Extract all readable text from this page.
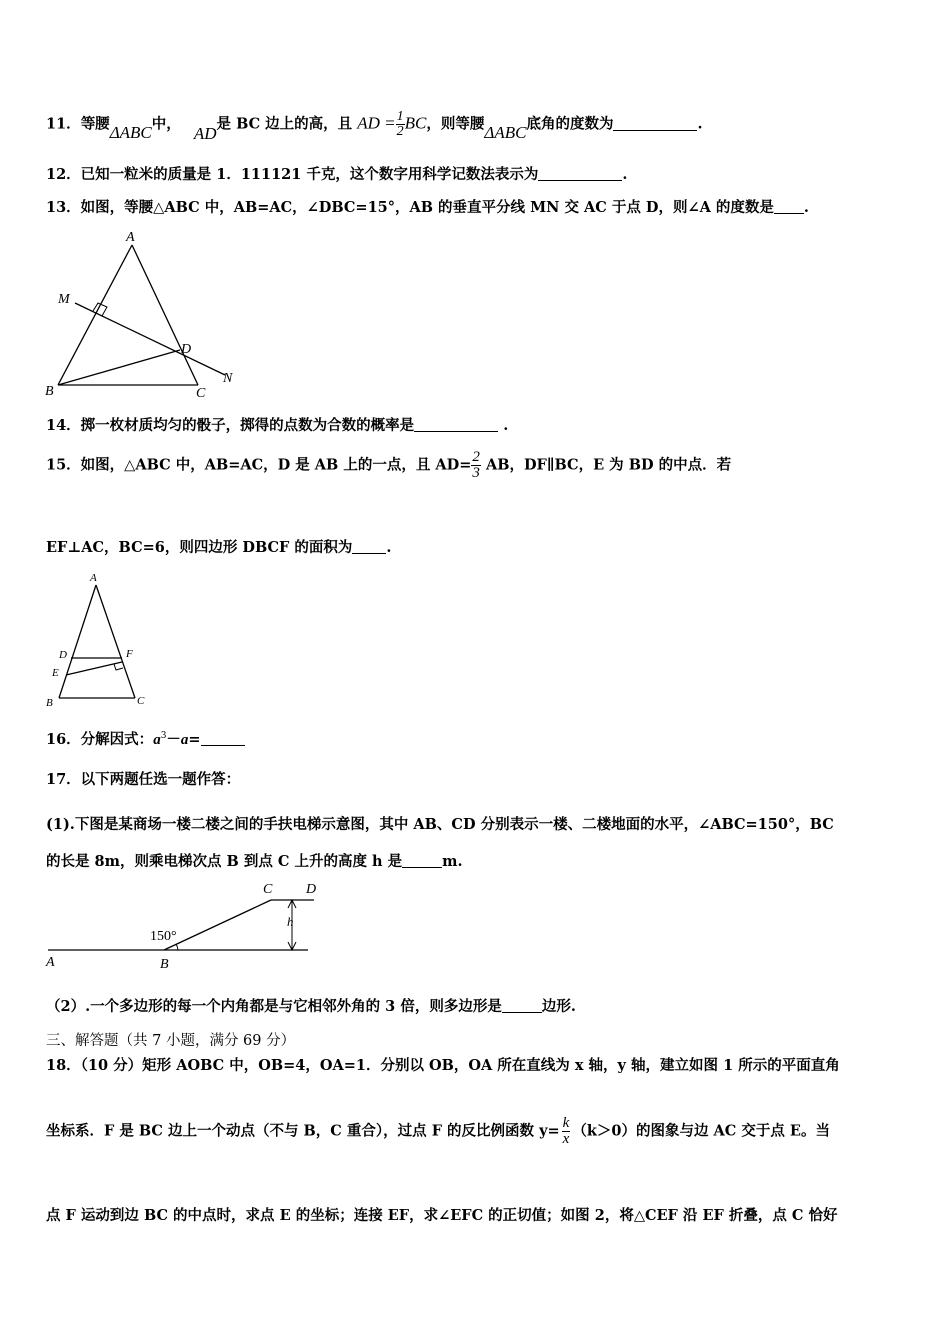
11．等腰ΔABC中， AD是 BC 边上的高，且 AD = $\frac{1}{2}$ BC，则等腰ΔABC底角的度数为	.
12．已知一粒米的质量是 1．111121 千克，这个数字用科学记数法表示为	.
13．如图，等腰△ABC 中，AB=AC，∠DBC=15°，AB 的垂直平分线 MN 交 AC 于点 D，则∠A 的度数是 .
A
M
D
B	C
N
14．掷一枚材质均匀的骰子，掷得的点数为合数的概率是	.
15．如图，△ABC 中，AB=AC，D 是 AB 上的一点，且 $AD= \frac{2}{3}$ AB，DF∥BC，E 为 BD 的中点．若
EF⊥AC，BC=6，则四边形 DBCF 的面积为 .
A
D	F
E
B	C
16．分解因式：$a^3-a=$
17．以下两题任选一题作答：
(1).下图是某商场一楼二楼之间的手扶电梯示意图，其中 AB、CD 分别表示一楼、二楼地面的水平，∠ABC=150°，BC
的长是 8m，则乘电梯次点 B 到点 C 上升的高度 h 是	m.
C D
h
150°
A	B
（2）.一个多边形的每一个内角都是与它相邻外角的 3 倍，则多边形是	边形.
三、解答题（共 7 小题，满分 69 分）
18．（10 分）矩形 AOBC 中，OB=4，OA=1．分别以 OB，OA 所在直线为 x 轴，y 轴，建立如图 1 所示的平面直角
坐标系．F 是 BC 边上一个动点（不与 B，C 重合），过点 F 的反比例函数 $y= \frac{k}{x} (k>0)$的图象与边 AC 交于点 E。当
点 F 运动到边 BC 的中点时，求点 E 的坐标；连接 EF，求∠EFC 的正切值；如图 2，将△CEF 沿 EF 折叠，点 C 恰好
